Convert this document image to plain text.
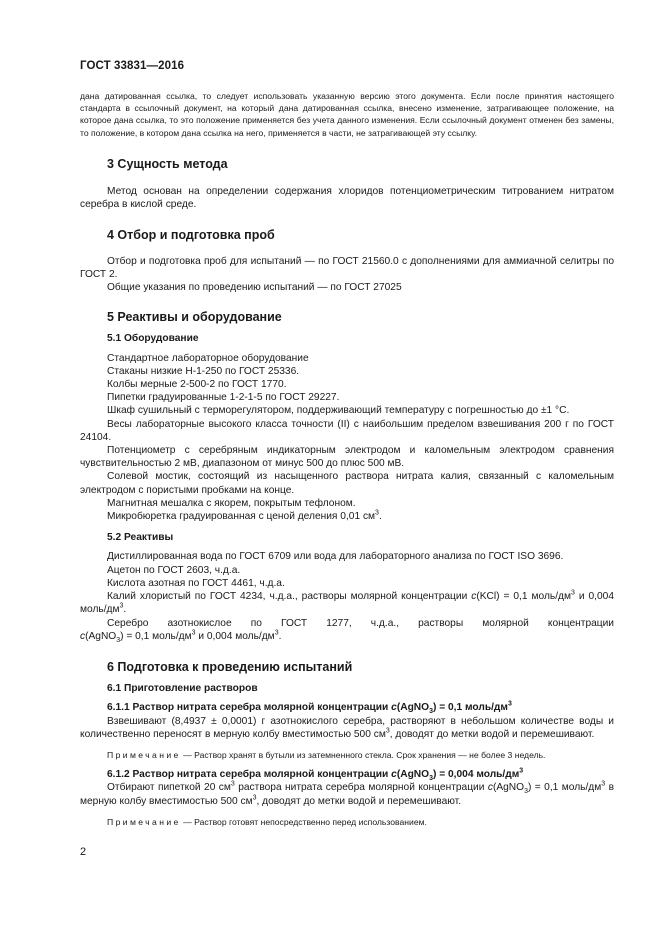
ГОСТ 33831—2016

дана датированная ссылка, то следует использовать указанную версию этого документа. Если после принятия настоящего стандарта в ссылочный документ, на который дана датированная ссылка, внесено изменение, затрагивающее положение, на которое дана ссылка, то это положение применяется без учета данного изменения. Если ссылочный документ отменен без замены, то положение, в котором дана ссылка на него, применяется в части, не затрагивающей эту ссылку.

3 Сущность метода

Метод основан на определении содержания хлоридов потенциометрическим титрованием нитратом серебра в кислой среде.

4 Отбор и подготовка проб

Отбор и подготовка проб для испытаний — по ГОСТ 21560.0 с дополнениями для аммиачной селитры по ГОСТ 2.

Общие указания по проведению испытаний — по ГОСТ 27025

5 Реактивы и оборудование
5.1 Оборудование

Стандартное лабораторное оборудование

Стаканы низкие Н-1-250 по ГОСТ 25336.

Колбы мерные 2-500-2 по ГОСТ 1770.

Пипетки градуированные 1-2-1-5 по ГОСТ 29227.

Шкаф сушильный с терморегулятором, поддерживающий температуру с погрешностью до ±1 °С.

Весы лабораторные высокого класса точности (II) с наибольшим пределом взвешивания 200 г по ГОСТ 24104.

Потенциометр с серебряным индикаторным электродом и каломельным электродом сравнения чувствительностью 2 мВ, диапазоном от минус 500 до плюс 500 мВ.

Солевой мостик, состоящий из насыщенного раствора нитрата калия, связанный с каломельным электродом с пористыми пробками на конце.

Магнитная мешалка с якорем, покрытым тефлоном.

Микробюретка градуированная с ценой деления 0,01 $см^3$.

5.2 Реактивы

Дистиллированная вода по ГОСТ 6709 или вода для лабораторного анализа по ГОСТ ISO 3696.

Ацетон по ГОСТ 2603, ч.д.а.

Кислота азотная по ГОСТ 4461, ч.д.а.

Калий хлористый по ГОСТ 4234, ч.д.а., растворы молярной концентрации c(KCl) = 0,1 моль/$дм^3$ и 0,004 моль/$дм^3$.

Серебро азотнокислое по ГОСТ 1277, ч.д.а., растворы молярной концентрации

c(AgNO$_3$) = 0,1 моль/$дм^3$ и 0,004 моль/$дм^3$.

6 Подготовка к проведению испытаний
6.1 Приготовление растворов
6.1.1 Раствор нитрата серебра молярной концентрации c(AgNO$_3$) = 0,1 моль/$дм^3$

Взвешивают (8,4937 ± 0,0001) г азотнокислого серебра, растворяют в небольшом количестве воды и количественно переносят в мерную колбу вместимостью 500 $см^3$, доводят до метки водой и перемешивают.

Примечание — Раствор хранят в бутыли из затемненного стекла. Срок хранения — не более 3 недель.

6.1.2 Раствор нитрата серебра молярной концентрации c(AgNO$_3$) = 0,004 моль/$дм^3$

Отбирают пипеткой 20 $см^3$ раствора нитрата серебра молярной концентрации c(AgNO$_3$) = 0,1 моль/$дм^3$ в мерную колбу вместимостью 500 $см^3$, доводят до метки водой и перемешивают.

Примечание — Раствор готовят непосредственно перед использованием.

2
